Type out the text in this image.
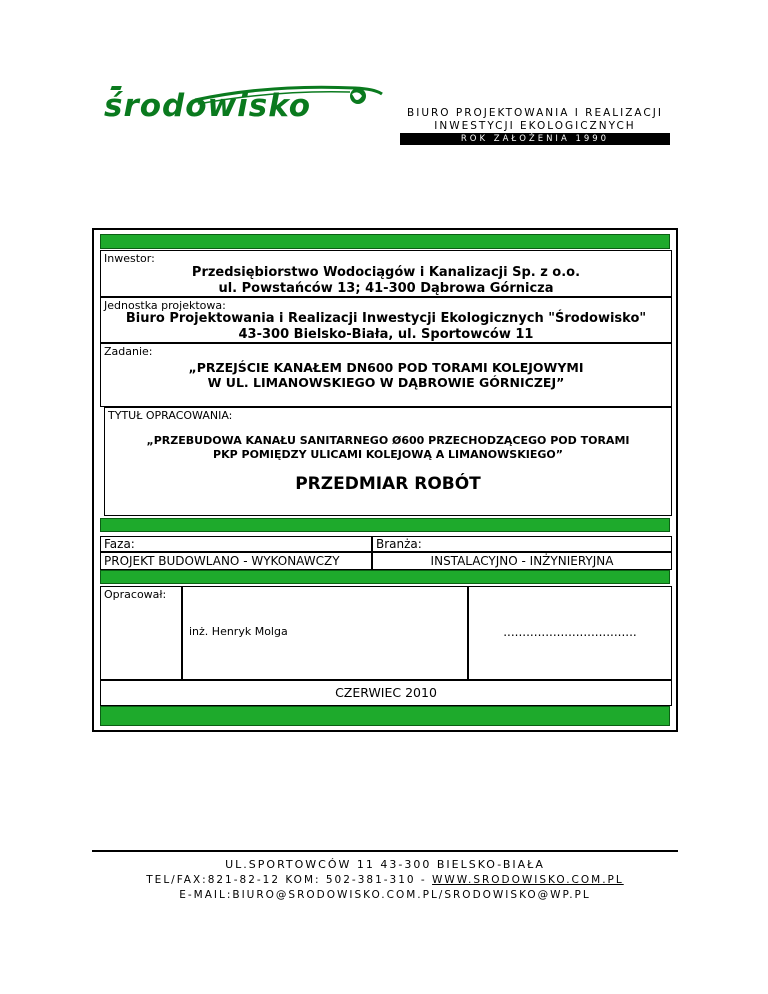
środowisko	BIURO PROJEKTOWANIA I REALIZACJI
INWESTYCJI EKOLOGICZNYCH
ROK ZAŁOŻENIA 1990
Inwestor:
Przedsiębiorstwo Wodociągów i Kanalizacji Sp. z o.o.
ul. Powstańców 13; 41-300 Dąbrowa Górnicza
Jednostka projektowa:
Biuro Projektowania i Realizacji Inwestycji Ekologicznych "Środowisko"
43-300 Bielsko-Biała, ul. Sportowców 11
Zadanie:
„PRZEJŚCIE KANAŁEM DN600 POD TORAMI KOLEJOWYMI
W UL. LIMANOWSKIEGO W DĄBROWIE GÓRNICZEJ”
TYTUŁ OPRACOWANIA:
„PRZEBUDOWA KANAŁU SANITARNEGO Ø600 PRZECHODZĄCEGO POD TORAMI
PKP POMIĘDZY ULICAMI KOLEJOWĄ A LIMANOWSKIEGO”
PRZEDMIAR ROBÓT
Faza:	Branża:
PROJEKT BUDOWLANO - WYKONAWCZY	INSTALACYJNO - INŻYNIERYJNA
Opracował:
inż. Henryk Molga	...................................
CZERWIEC 2010
UL.SPORTOWCÓW 11 43-300 BIELSKO-BIAŁA
TEL/FAX:821-82-12 KOM: 502-381-310 - WWW.SRODOWISKO.COM.PL
E-MAIL:BIURO@SRODOWISKO.COM.PL/SRODOWISKO@WP.PL
